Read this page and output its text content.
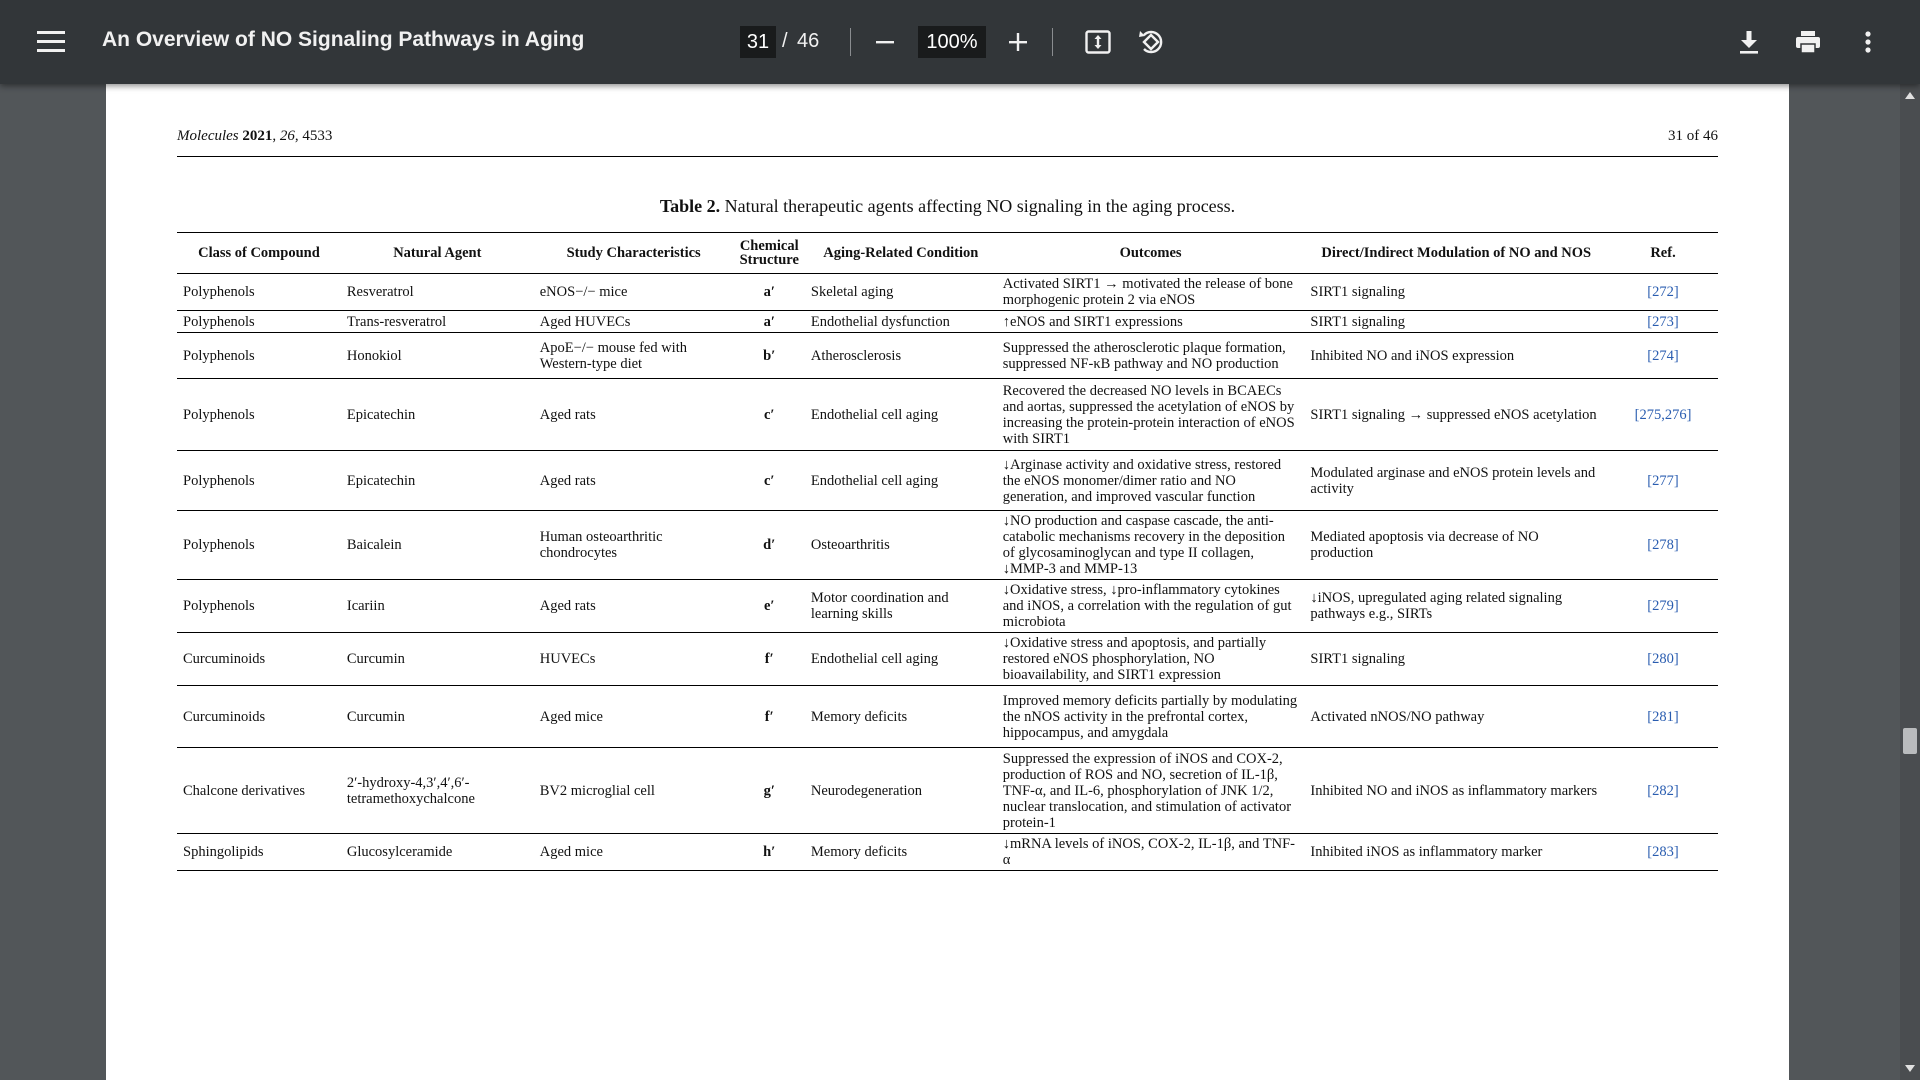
An Overview of NO Signaling Pathways in Aging	31 / 46	100%
Molecules 2021, 26, 4533	31 of 46
Table 2. Natural therapeutic agents affecting NO signaling in the aging process.
Class of Compound	Natural Agent	Study Characteristics	Chemical Structure	Aging-Related Condition	Outcomes	Direct/Indirect Modulation of NO and NOS	Ref.
Polyphenols	Resveratrol	eNOS−/− mice	a′	Skeletal aging	Activated SIRT1 → motivated the release of bone morphogenic protein 2 via eNOS	SIRT1 signaling	[272]
Polyphenols	Trans-resveratrol	Aged HUVECs	a′	Endothelial dysfunction	↑eNOS and SIRT1 expressions	SIRT1 signaling	[273]
Polyphenols	Honokiol	ApoE−/− mouse fed with Western-type diet	b′	Atherosclerosis	Suppressed the atherosclerotic plaque formation, suppressed NF-κB pathway and NO production	Inhibited NO and iNOS expression	[274]
Polyphenols	Epicatechin	Aged rats	c′	Endothelial cell aging	Recovered the decreased NO levels in BCAECs and aortas, suppressed the acetylation of eNOS by increasing the protein-protein interaction of eNOS with SIRT1	SIRT1 signaling → suppressed eNOS acetylation	[275,276]
Polyphenols	Epicatechin	Aged rats	c′	Endothelial cell aging	↓Arginase activity and oxidative stress, restored the eNOS monomer/dimer ratio and NO generation, and improved vascular function	Modulated arginase and eNOS protein levels and activity	[277]
Polyphenols	Baicalein	Human osteoarthritic chondrocytes	d′	Osteoarthritis	↓NO production and caspase cascade, the anti-catabolic mechanisms recovery in the deposition of glycosaminoglycan and type II collagen, ↓MMP-3 and MMP-13	Mediated apoptosis via decrease of NO production	[278]
Polyphenols	Icariin	Aged rats	e′	Motor coordination and learning skills	↓Oxidative stress, ↓pro-inflammatory cytokines and iNOS, a correlation with the regulation of gut microbiota	↓iNOS, upregulated aging related signaling pathways e.g., SIRTs	[279]
Curcuminoids	Curcumin	HUVECs	f′	Endothelial cell aging	↓Oxidative stress and apoptosis, and partially restored eNOS phosphorylation, NO bioavailability, and SIRT1 expression	SIRT1 signaling	[280]
Curcuminoids	Curcumin	Aged mice	f′	Memory deficits	Improved memory deficits partially by modulating the nNOS activity in the prefrontal cortex, hippocampus, and amygdala	Activated nNOS/NO pathway	[281]
Chalcone derivatives	2′-hydroxy-4,3′,4′,6′-tetramethoxychalcone	BV2 microglial cell	g′	Neurodegeneration	Suppressed the expression of iNOS and COX-2, production of ROS and NO, secretion of IL-1β, TNF-α, and IL-6, phosphorylation of JNK 1/2, nuclear translocation, and stimulation of activator protein-1	Inhibited NO and iNOS as inflammatory markers	[282]
Sphingolipids	Glucosylceramide	Aged mice	h′	Memory deficits	↓mRNA levels of iNOS, COX-2, IL-1β, and TNF-α	Inhibited iNOS as inflammatory marker	[283]
